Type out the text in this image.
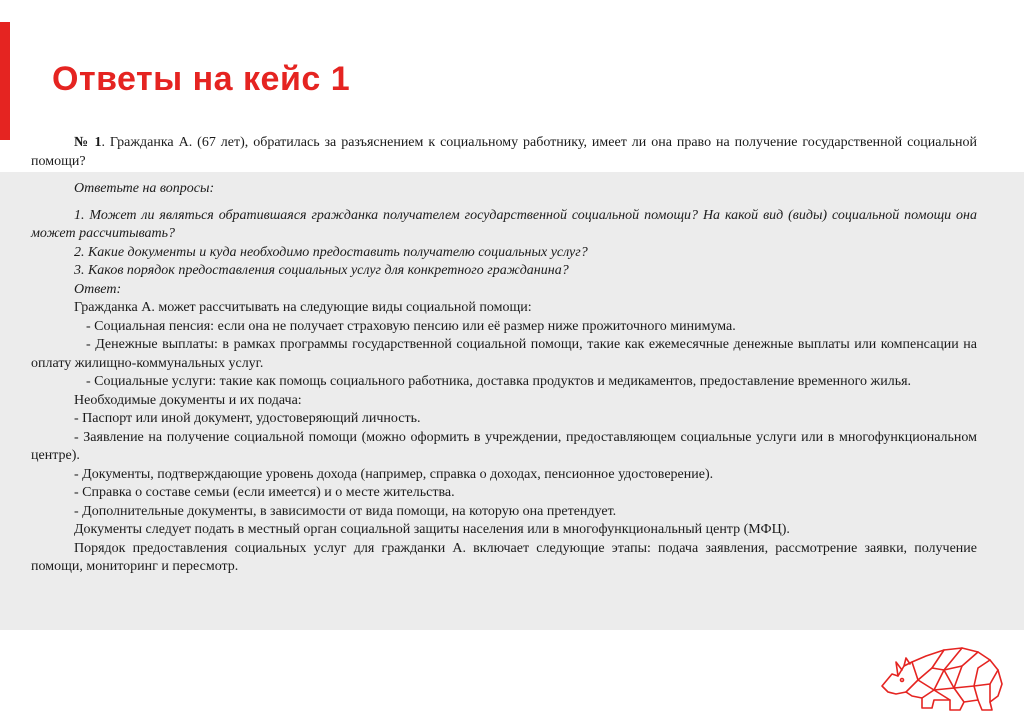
Ответы на кейс 1

№ 1. Гражданка А. (67 лет), обратилась за разъяснением к социальному работнику, имеет ли она право на получение государственной социальной помощи?

Ответьте на вопросы:

1. Может ли являться обратившаяся гражданка получателем государственной социальной помощи? На какой вид (виды) социальной помощи она может рассчитывать?

2. Какие документы и куда необходимо предоставить получателю социальных услуг?

3. Каков порядок предоставления социальных услуг для конкретного гражданина?

Ответ:

Гражданка А. может рассчитывать на следующие виды социальной помощи:

- Социальная пенсия: если она не получает страховую пенсию или её размер ниже прожиточного минимума.

- Денежные выплаты: в рамках программы государственной социальной помощи, такие как ежемесячные денежные выплаты или компенсации на оплату жилищно-коммунальных услуг.

- Социальные услуги: такие как помощь социального работника, доставка продуктов и медикаментов, предоставление временного жилья.

Необходимые документы и их подача:

- Паспорт или иной документ, удостоверяющий личность.

- Заявление на получение социальной помощи (можно оформить в учреждении, предоставляющем социальные услуги или в многофункциональном центре).

- Документы, подтверждающие уровень дохода (например, справка о доходах, пенсионное удостоверение).

- Справка о составе семьи (если имеется) и о месте жительства.

- Дополнительные документы, в зависимости от вида помощи, на которую она претендует.

Документы следует подать в местный орган социальной защиты населения или в многофункциональный центр (МФЦ).

Порядок предоставления социальных услуг для гражданки А. включает следующие этапы: подача заявления, рассмотрение заявки, получение помощи, мониторинг и пересмотр.
